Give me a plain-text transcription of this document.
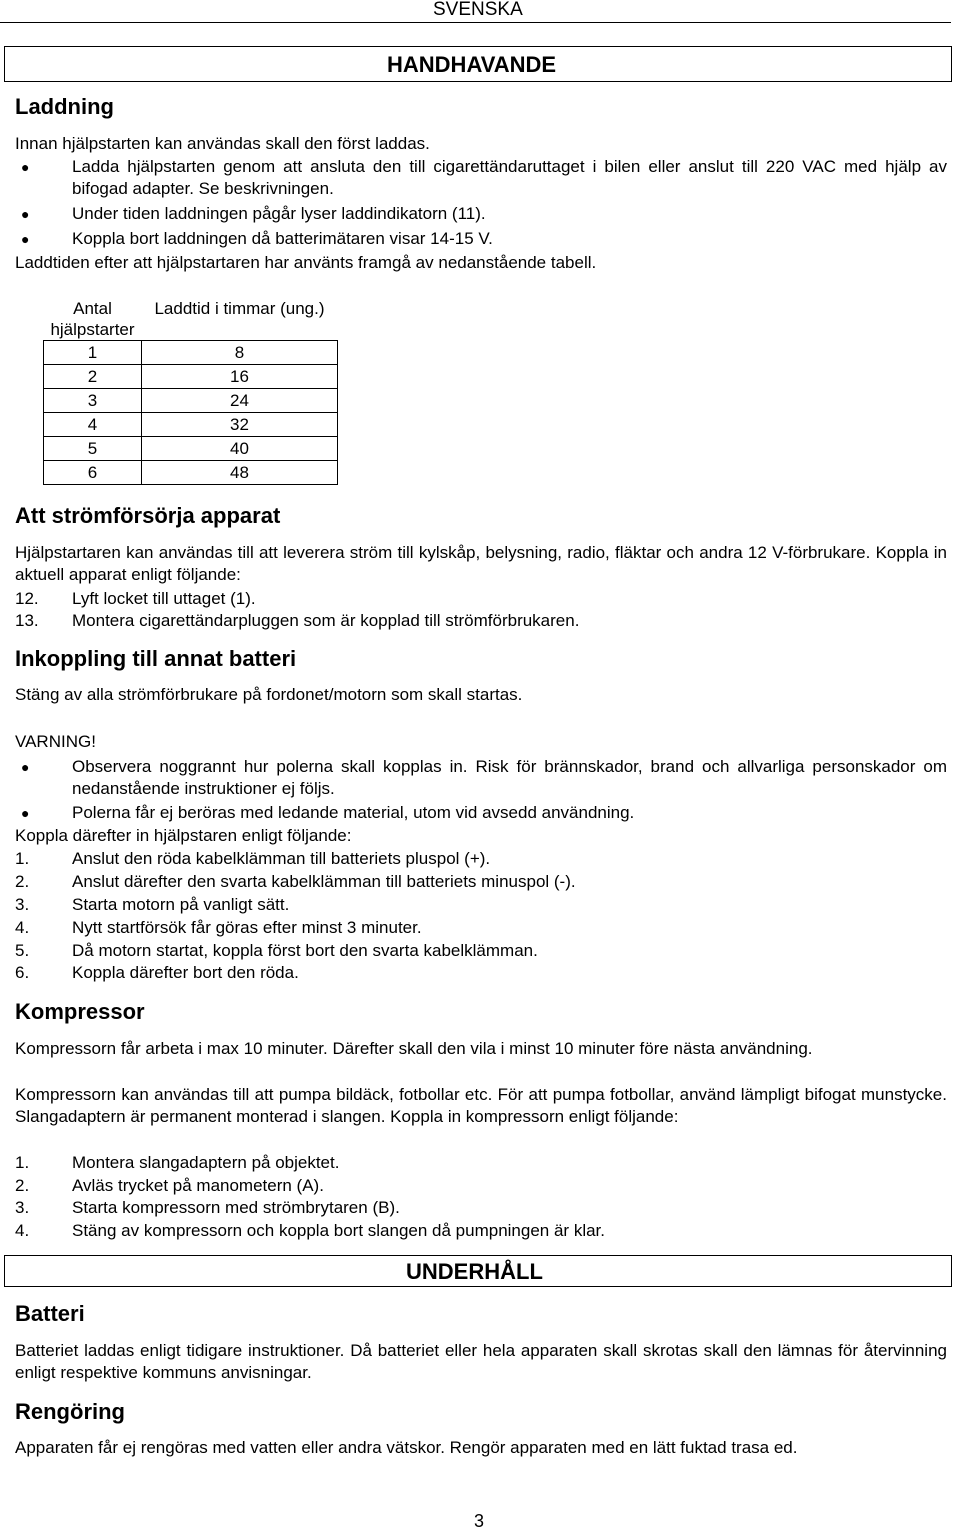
SVENSKA
HANDHAVANDE
Laddning
Innan hjälpstarten kan användas skall den först laddas.
●	Ladda hjälpstarten genom att ansluta den till cigarettändaruttaget i bilen eller anslut till 220 VAC med hjälp av bifogad adapter. Se beskrivningen.
●	Under tiden laddningen pågår lyser laddindikatorn (11).
●	Koppla bort laddningen då batterimätaren visar 14-15 V.
Laddtiden efter att hjälpstartaren har använts framgå av nedanstående tabell.
Antal hjälpstarter	Laddtid i timmar (ung.)
1	8
2	16
3	24
4	32
5	40
6	48
Att strömförsörja apparat
Hjälpstartaren kan användas till att leverera ström till kylskåp, belysning, radio, fläktar och andra 12 V-förbrukare. Koppla in aktuell apparat enligt följande:
12. Lyft locket till uttaget (1).
13. Montera cigarettändarpluggen som är kopplad till strömförbrukaren.
Inkoppling till annat batteri
Stäng av alla strömförbrukare på fordonet/motorn som skall startas.
VARNING!
●	Observera noggrannt hur polerna skall kopplas in. Risk för brännskador, brand och allvarliga personskador om nedanstående instruktioner ej följs.
●	Polerna får ej beröras med ledande material, utom vid avsedd användning.
Koppla därefter in hjälpstaren enligt följande:
1.	Anslut den röda kabelklämman till batteriets pluspol (+).
2.	Anslut därefter den svarta kabelklämman till batteriets minuspol (-).
3.	Starta motorn på vanligt sätt.
4.	Nytt startförsök får göras efter minst 3 minuter.
5.	Då motorn startat, koppla först bort den svarta kabelklämman.
6.	Koppla därefter bort den röda.
Kompressor
Kompressorn får arbeta i max 10 minuter. Därefter skall den vila i minst 10 minuter före nästa användning.
Kompressorn kan användas till att pumpa bildäck, fotbollar etc. För att pumpa fotbollar, använd lämpligt bifogat munstycke. Slangadaptern är permanent monterad i slangen. Koppla in kompressorn enligt följande:
1.	Montera slangadaptern på objektet.
2.	Avläs trycket på manometern (A).
3.	Starta kompressorn med strömbrytaren (B).
4.	Stäng av kompressorn och koppla bort slangen då pumpningen är klar.
UNDERHÅLL
Batteri
Batteriet laddas enligt tidigare instruktioner. Då batteriet eller hela apparaten skall skrotas skall den lämnas för återvinning enligt respektive kommuns anvisningar.
Rengöring
Apparaten får ej rengöras med vatten eller andra vätskor. Rengör apparaten med en lätt fuktad trasa ed.
3
